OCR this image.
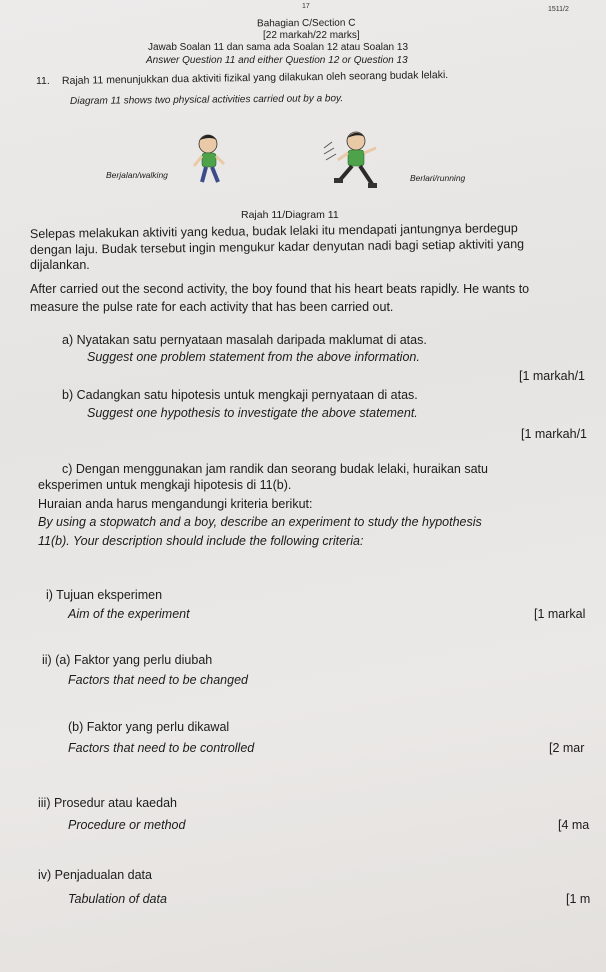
17	1511/2
Bahagian C/Section C
[22 markah/22 marks]
Jawab Soalan 11 dan sama ada Soalan 12 atau Soalan 13
Answer Question 11 and either Question 12 or Question 13
11. Rajah 11 menunjukkan dua aktiviti fizikal yang dilakukan oleh seorang budak lelaki.
Diagram 11 shows two physical activities carried out by a boy.
Berjalan/walking	Berlari/running
Rajah 11/Diagram 11
Selepas melakukan aktiviti yang kedua, budak lelaki itu mendapati jantungnya berdegup
dengan laju. Budak tersebut ingin mengukur kadar denyutan nadi bagi setiap aktiviti yang
dijalankan.
After carried out the second activity, the boy found that his heart beats rapidly. He wants to
measure the pulse rate for each activity that has been carried out.
a) Nyatakan satu pernyataan masalah daripada maklumat di atas.
Suggest one problem statement from the above information.
[1 markah/1
b) Cadangkan satu hipotesis untuk mengkaji pernyataan di atas.
Suggest one hypothesis to investigate the above statement.
[1 markah/1
c) Dengan menggunakan jam randik dan seorang budak lelaki, huraikan satu
eksperimen untuk mengkaji hipotesis di 11(b).
Huraian anda harus mengandungi kriteria berikut:
By using a stopwatch and a boy, describe an experiment to study the hypothesis
11(b). Your description should include the following criteria:
i) Tujuan eksperimen
Aim of the experiment	[1 markal
ii) (a) Faktor yang perlu diubah
Factors that need to be changed
(b) Faktor yang perlu dikawal
Factors that need to be controlled	[2 mar
iii) Prosedur atau kaedah
Procedure or method	[4 ma
iv) Penjadualan data
Tabulation of data	[1 m
